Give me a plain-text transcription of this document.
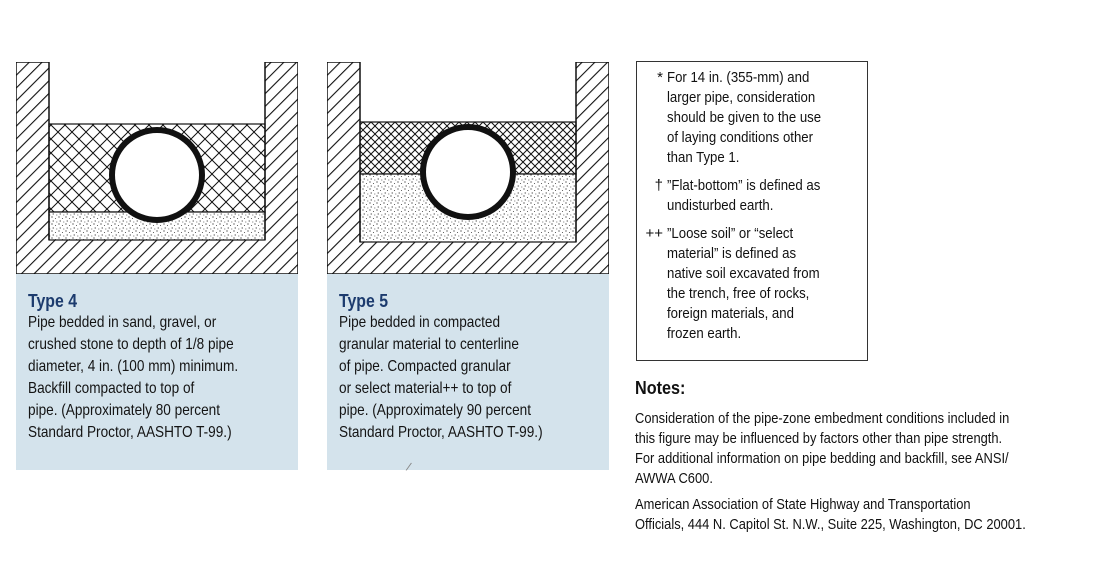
Type 4
Pipe bedded in sand, gravel, or
crushed stone to depth of 1/8 pipe
diameter, 4 in. (100 mm) minimum.
Backfill compacted to top of
pipe. (Approximately 80 percent
Standard Proctor, AASHTO T-99.)
Type 5
Pipe bedded in compacted
granular material to centerline
of pipe. Compacted granular
or select material++ to top of
pipe. (Approximately 90 percent
Standard Proctor, AASHTO T-99.)
/
* For 14 in. (355-mm) and
larger pipe, consideration
should be given to the use
of laying conditions other
than Type 1.
† ”Flat-bottom” is defined as
undisturbed earth.
++ ”Loose soil” or “select
material” is defined as
native soil excavated from
the trench, free of rocks,
foreign materials, and
frozen earth.
Notes:
Consideration of the pipe-zone embedment conditions included in
this figure may be influenced by factors other than pipe strength.
For additional information on pipe bedding and backfill, see ANSI/
AWWA C600.
American Association of State Highway and Transportation
Officials, 444 N. Capitol St. N.W., Suite 225, Washington, DC 20001.
